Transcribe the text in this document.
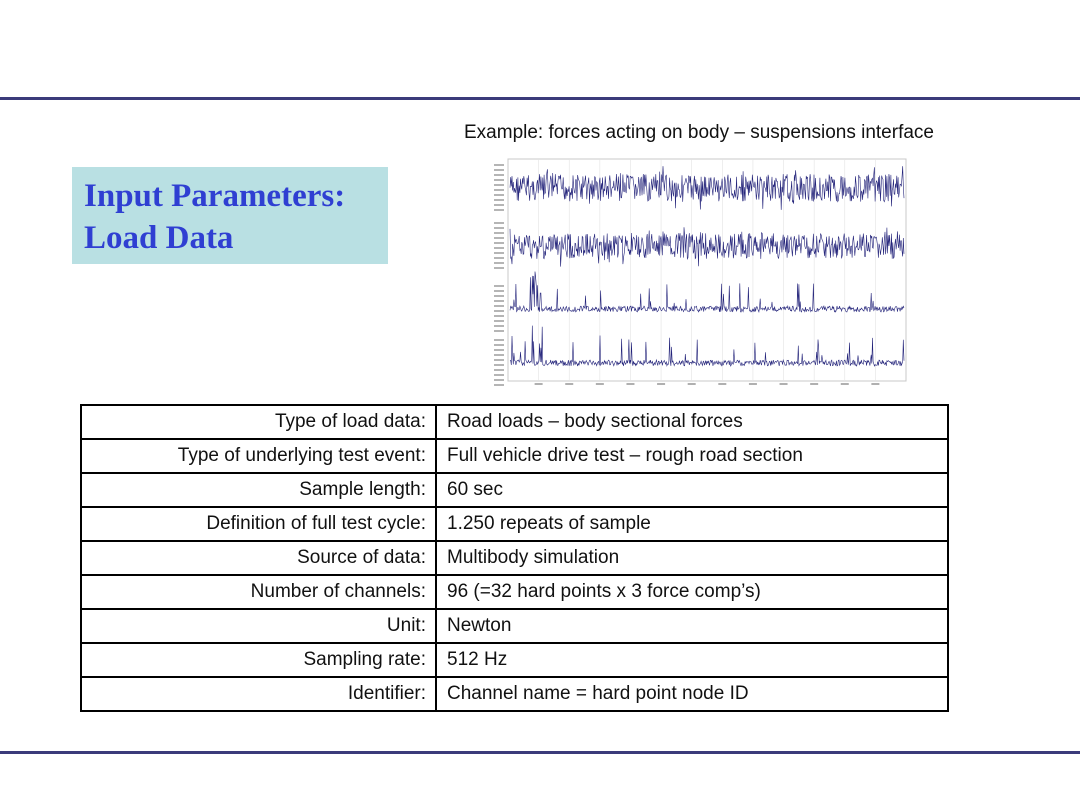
Example: forces acting on body – suspensions interface
Input Parameters:
Load Data
Type of load data:	Road loads – body sectional forces
Type of underlying test event:	Full vehicle drive test – rough road section
Sample length:	60 sec
Definition of full test cycle:	1.250 repeats of sample
Source of data:	Multibody simulation
Number of channels:	96 (=32 hard points x 3 force comp’s)
Unit:	Newton
Sampling rate:	512 Hz
Identifier:	Channel name = hard point node ID
